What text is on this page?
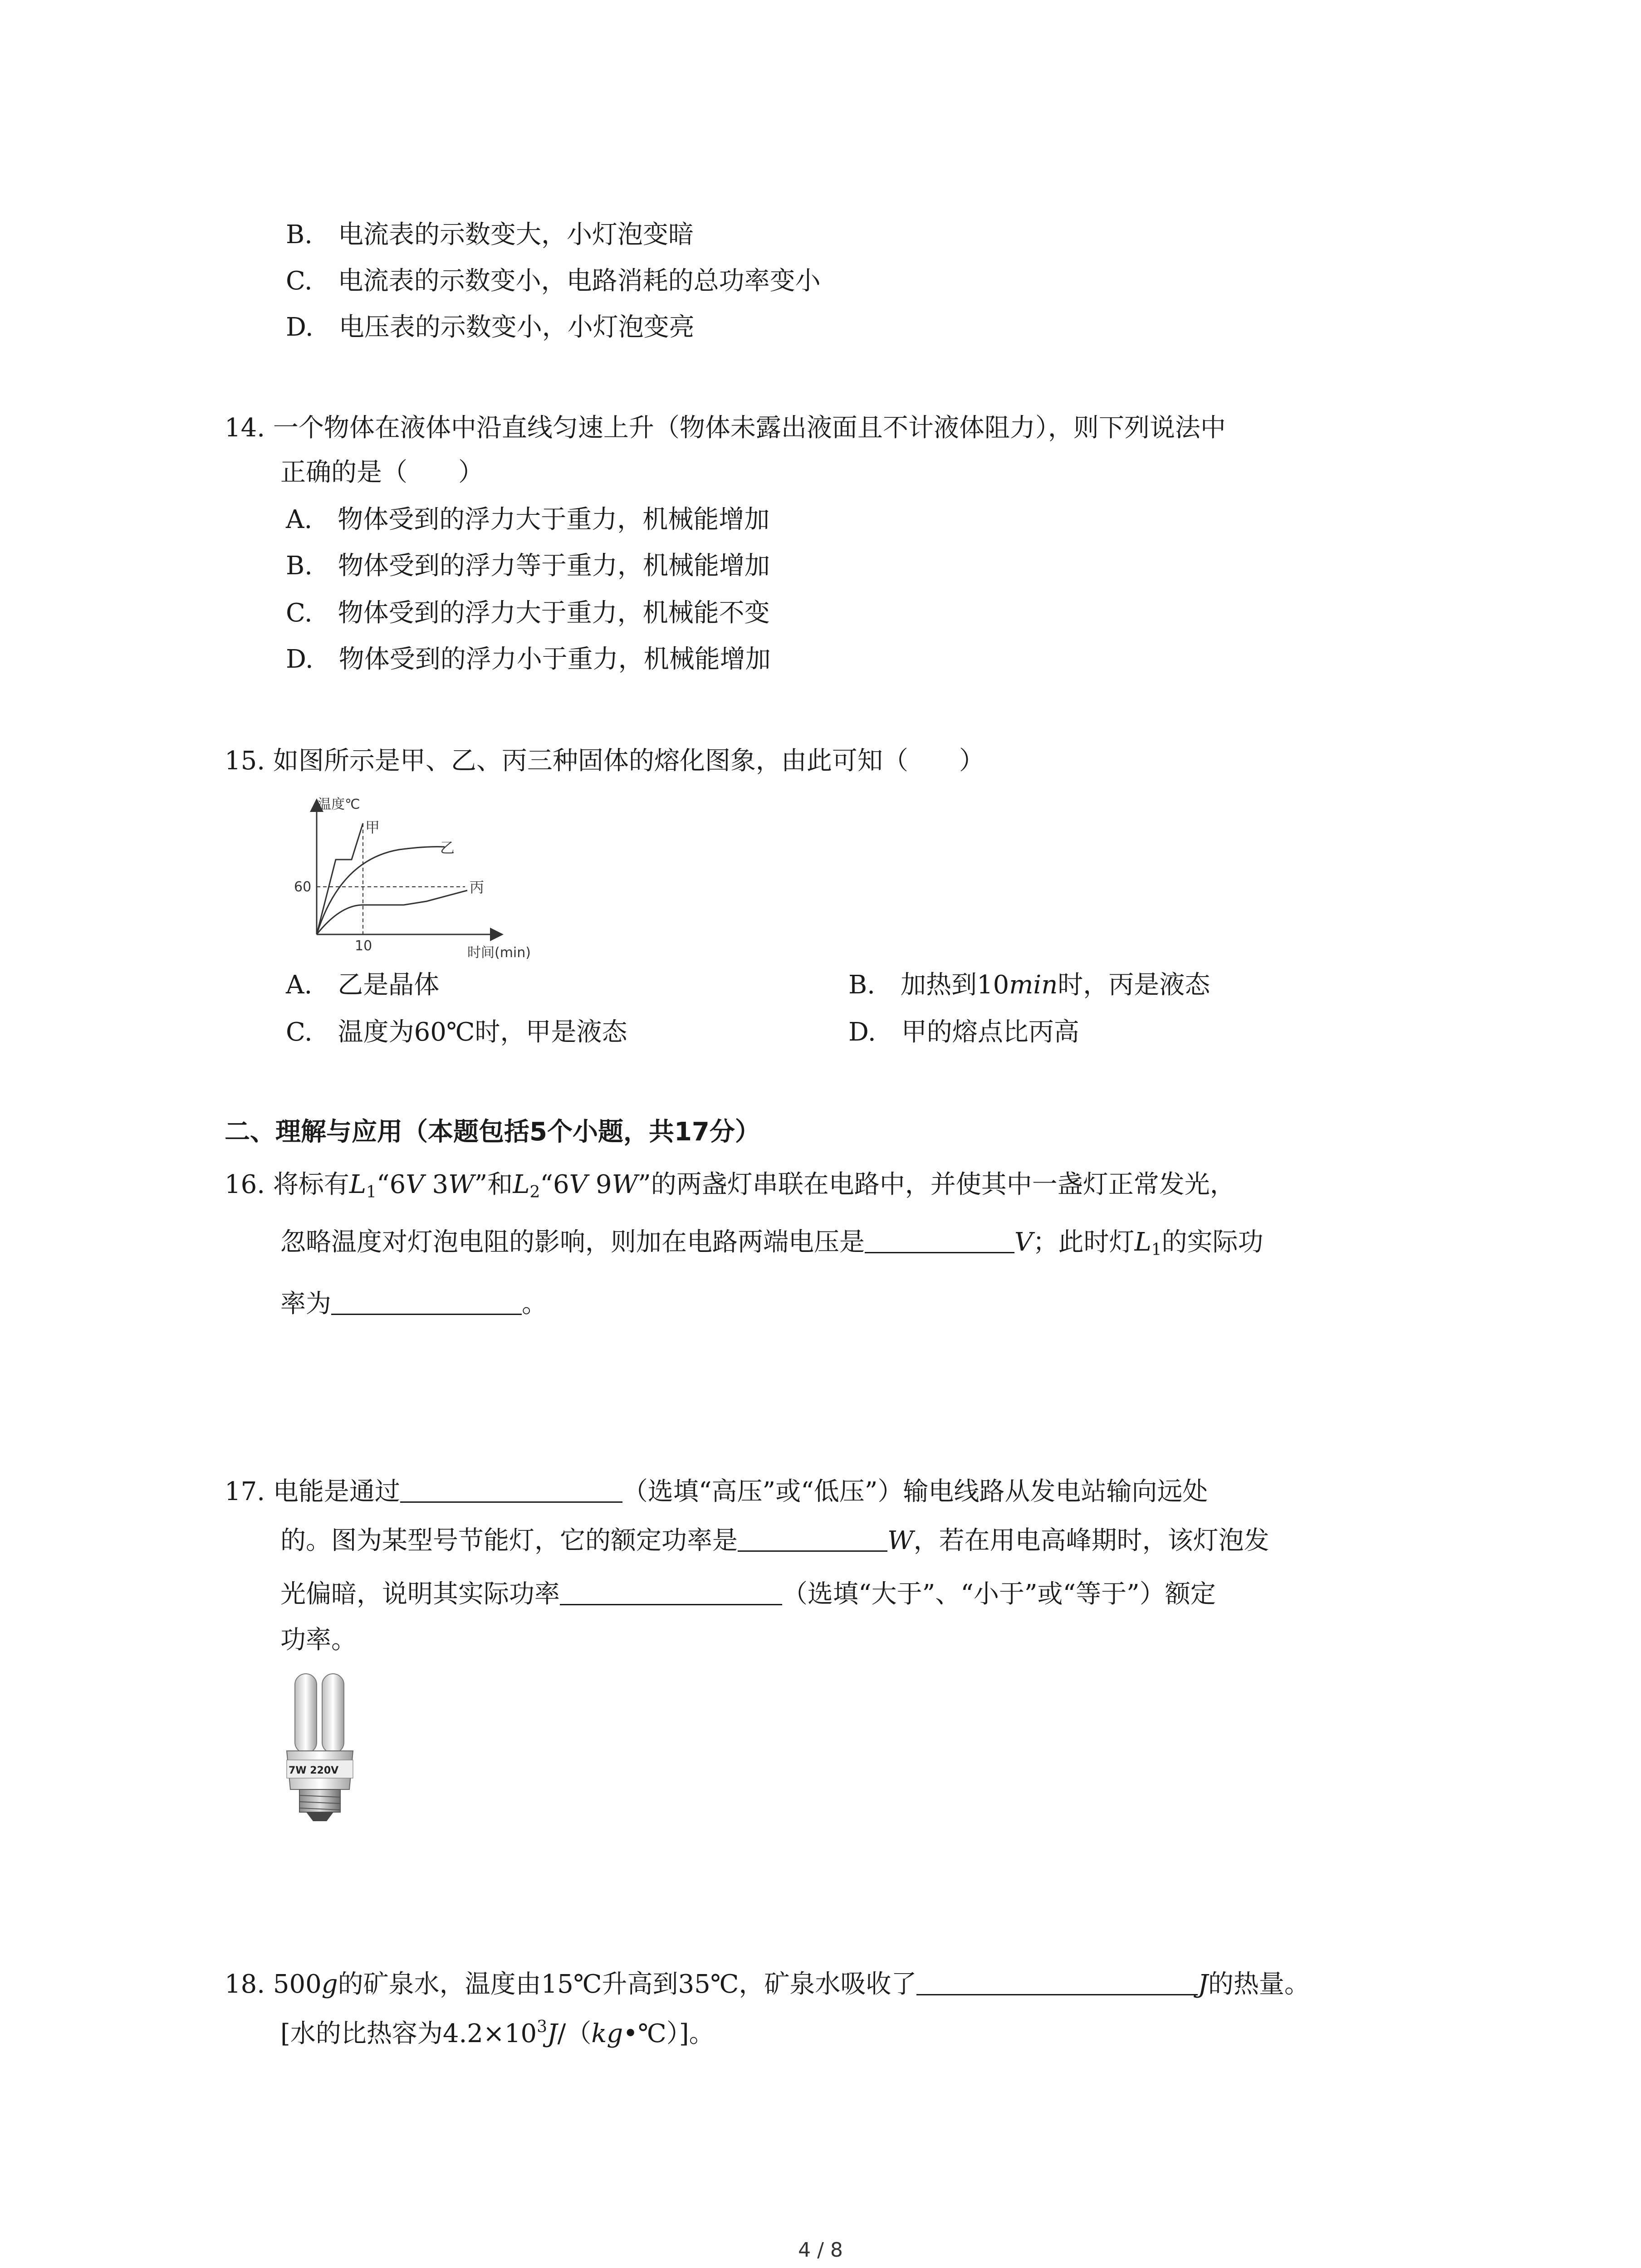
B.　电流表的示数变大，小灯泡变暗
C.　电流表的示数变小，电路消耗的总功率变小
D.　电压表的示数变小，小灯泡变亮
14. 一个物体在液体中沿直线匀速上升（物体未露出液面且不计液体阻力），则下列说法中
正确的是（　　）
A.　物体受到的浮力大于重力，机械能增加
B.　物体受到的浮力等于重力，机械能增加
C.　物体受到的浮力大于重力，机械能不变
D.　物体受到的浮力小于重力，机械能增加
15. 如图所示是甲、乙、丙三种固体的熔化图象，由此可知（　　）
温度℃
甲
乙
丙
60
10	时间(min)
A.　乙是晶体	B.　加热到10min时，丙是液态
C.　温度为60℃时，甲是液态	D.　甲的熔点比丙高
二、理解与应用（本题包括5个小题，共17分）
16. 将标有$L_1“6V$ 3W”和$L_2“6V$ 9W”的两盏灯串联在电路中，并使其中一盏灯正常发光，
忽略温度对灯泡电阻的影响，则加在电路两端电压是	V；此时灯$L_1$的实际功
率为	。
17. 电能是通过	（选填“高压”或“低压”）输电线路从发电站输向远处
的。图为某型号节能灯，它的额定功率是	W，若在用电高峰期时，该灯泡发
光偏暗，说明其实际功率	（选填“大于”、“小于”或“等于”）额定
功率。
7W 220V
18. 500g的矿泉水，温度由15℃升高到35℃，矿泉水吸收了	J的热量。
[水的比热容为$4.2\times 10^3J/(kg•℃)$]。
4 / 8
